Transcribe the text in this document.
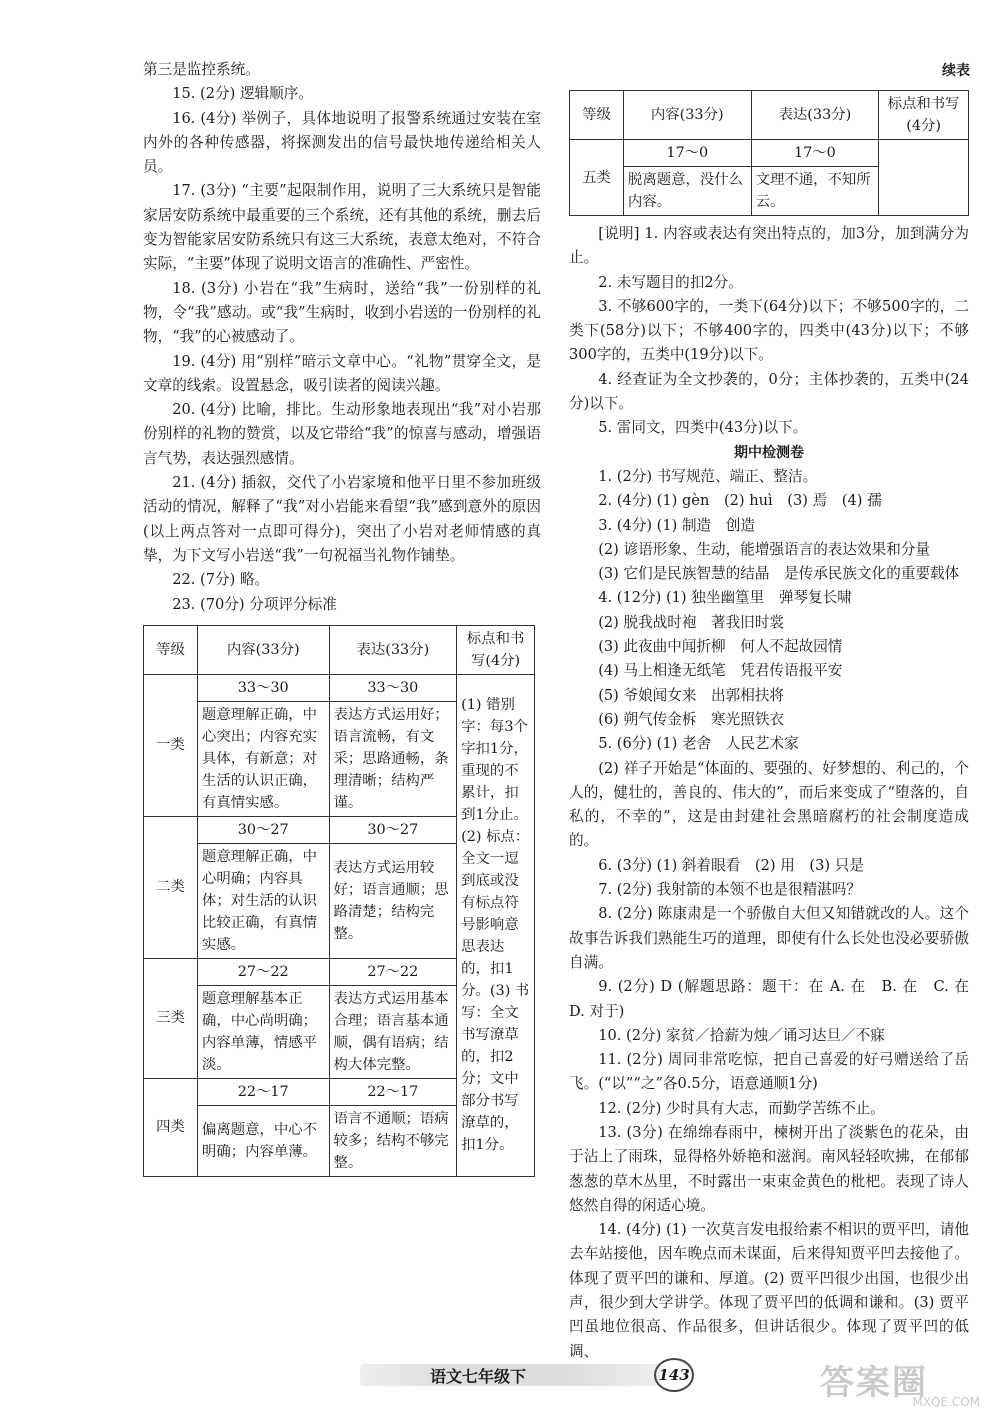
第三是监控系统。

15. (2分) 逻辑顺序。

16. (4分) 举例子，具体地说明了报警系统通过安装在室内外的各种传感器，将探测发出的信号最快地传递给相关人员。

17. (3分) “主要”起限制作用，说明了三大系统只是智能家居安防系统中最重要的三个系统，还有其他的系统，删去后变为智能家居安防系统只有这三大系统，表意太绝对，不符合实际，“主要”体现了说明文语言的准确性、严密性。

18. (3分) 小岩在“我”生病时，送给“我”一份别样的礼物，令“我”感动。或“我”生病时，收到小岩送的一份别样的礼物，“我”的心被感动了。

19. (4分) 用“别样”暗示文章中心。“礼物”贯穿全文，是文章的线索。设置悬念，吸引读者的阅读兴趣。

20. (4分) 比喻，排比。生动形象地表现出“我”对小岩那份别样的礼物的赞赏，以及它带给“我”的惊喜与感动，增强语言气势，表达强烈感情。

21. (4分) 插叙，交代了小岩家境和他平日里不参加班级活动的情况，解释了“我”对小岩能来看望“我”感到意外的原因(以上两点答对一点即可得分)，突出了小岩对老师情感的真挚，为下文写小岩送“我”一句祝福当礼物作铺垫。

22. (7分) 略。

23. (70分) 分项评分标准

等级	内容(33分)	表达(33分)	标点和书写(4分)
一类	33～30	33～30	(1) 错别字：每3个字扣1分，重现的不累计，扣到1分止。(2) 标点：全文一逗到底或没有标点符号影响意思表达的，扣1分。(3) 书写：全文书写潦草的，扣2分；文中部分书写潦草的，扣1分。
	题意理解正确，中心突出；内容充实具体，有新意；对生活的认识正确，有真情实感。	表达方式运用好；语言流畅，有文采；思路通畅，条理清晰；结构严谨。	
二类	30～27	30～27	
	题意理解正确，中心明确；内容具体；对生活的认识比较正确，有真情实感。	表达方式运用较好；语言通顺；思路清楚；结构完整。	
三类	27～22	27～22	
	题意理解基本正确，中心尚明确；内容单薄，情感平淡。	表达方式运用基本合理；语言基本通顺，偶有语病；结构大体完整。	
四类	22～17	22～17	
	偏离题意，中心不明确；内容单薄。	语言不通顺；语病较多；结构不够完整。	
续表
等级	内容(33分)	表达(33分)	标点和书写(4分)
五类	17～0	17～0	
	脱离题意，没什么内容。	文理不通，不知所云。	

[说明] 1. 内容或表达有突出特点的，加3分，加到满分为止。

2. 未写题目的扣2分。

3. 不够600字的，一类下(64分)以下；不够500字的，二类下(58分)以下；不够400字的，四类中(43分)以下；不够300字的，五类中(19分)以下。

4. 经查证为全文抄袭的，0分；主体抄袭的，五类中(24分)以下。

5. 雷同文，四类中(43分)以下。

期中检测卷

1. (2分) 书写规范、端正、整洁。

2. (4分) (1) gèn　(2) huì　(3) 焉　(4) 孺

3. (4分) (1) 制造　创造

(2) 谚语形象、生动，能增强语言的表达效果和分量

(3) 它们是民族智慧的结晶　是传承民族文化的重要载体

4. (12分) (1) 独坐幽篁里　弹琴复长啸

(2) 脱我战时袍　著我旧时裳

(3) 此夜曲中闻折柳　何人不起故园情

(4) 马上相逢无纸笔　凭君传语报平安

(5) 爷娘闻女来　出郭相扶将

(6) 朔气传金柝　寒光照铁衣

5. (6分) (1) 老舍　人民艺术家

(2) 祥子开始是“体面的、要强的、好梦想的、利己的，个人的，健壮的，善良的、伟大的”，而后来变成了“堕落的，自私的，不幸的”，这是由封建社会黑暗腐朽的社会制度造成的。

6. (3分) (1) 斜着眼看　(2) 用　(3) 只是

7. (2分) 我射箭的本领不也是很精湛吗？

8. (2分) 陈康肃是一个骄傲自大但又知错就改的人。这个故事告诉我们熟能生巧的道理，即使有什么长处也没必要骄傲自满。

9. (2分) D (解题思路：题干：在 A. 在　B. 在　C. 在　D. 对于)

10. (2分) 家贫／拾薪为烛／诵习达旦／不寐

11. (2分) 周同非常吃惊，把自己喜爱的好弓赠送给了岳飞。(“以”“之”各0.5分，语意通顺1分)

12. (2分) 少时具有大志，而勤学苦练不止。

13. (3分) 在绵绵春雨中，楝树开出了淡紫色的花朵，由于沾上了雨珠，显得格外娇艳和滋润。南风轻轻吹拂，在郁郁葱葱的草木丛里，不时露出一束束金黄色的枇杷。表现了诗人悠然自得的闲适心境。

14. (4分) (1) 一次莫言发电报给素不相识的贾平凹，请他去车站接他，因车晚点而未谋面，后来得知贾平凹去接他了。体现了贾平凹的谦和、厚道。(2) 贾平凹很少出国，也很少出声，很少到大学讲学。体现了贾平凹的低调和谦和。(3) 贾平凹虽地位很高、作品很多，但讲话很少。体现了贾平凹的低调、

语文七年级下	143	答案圈
MXQE.COM
